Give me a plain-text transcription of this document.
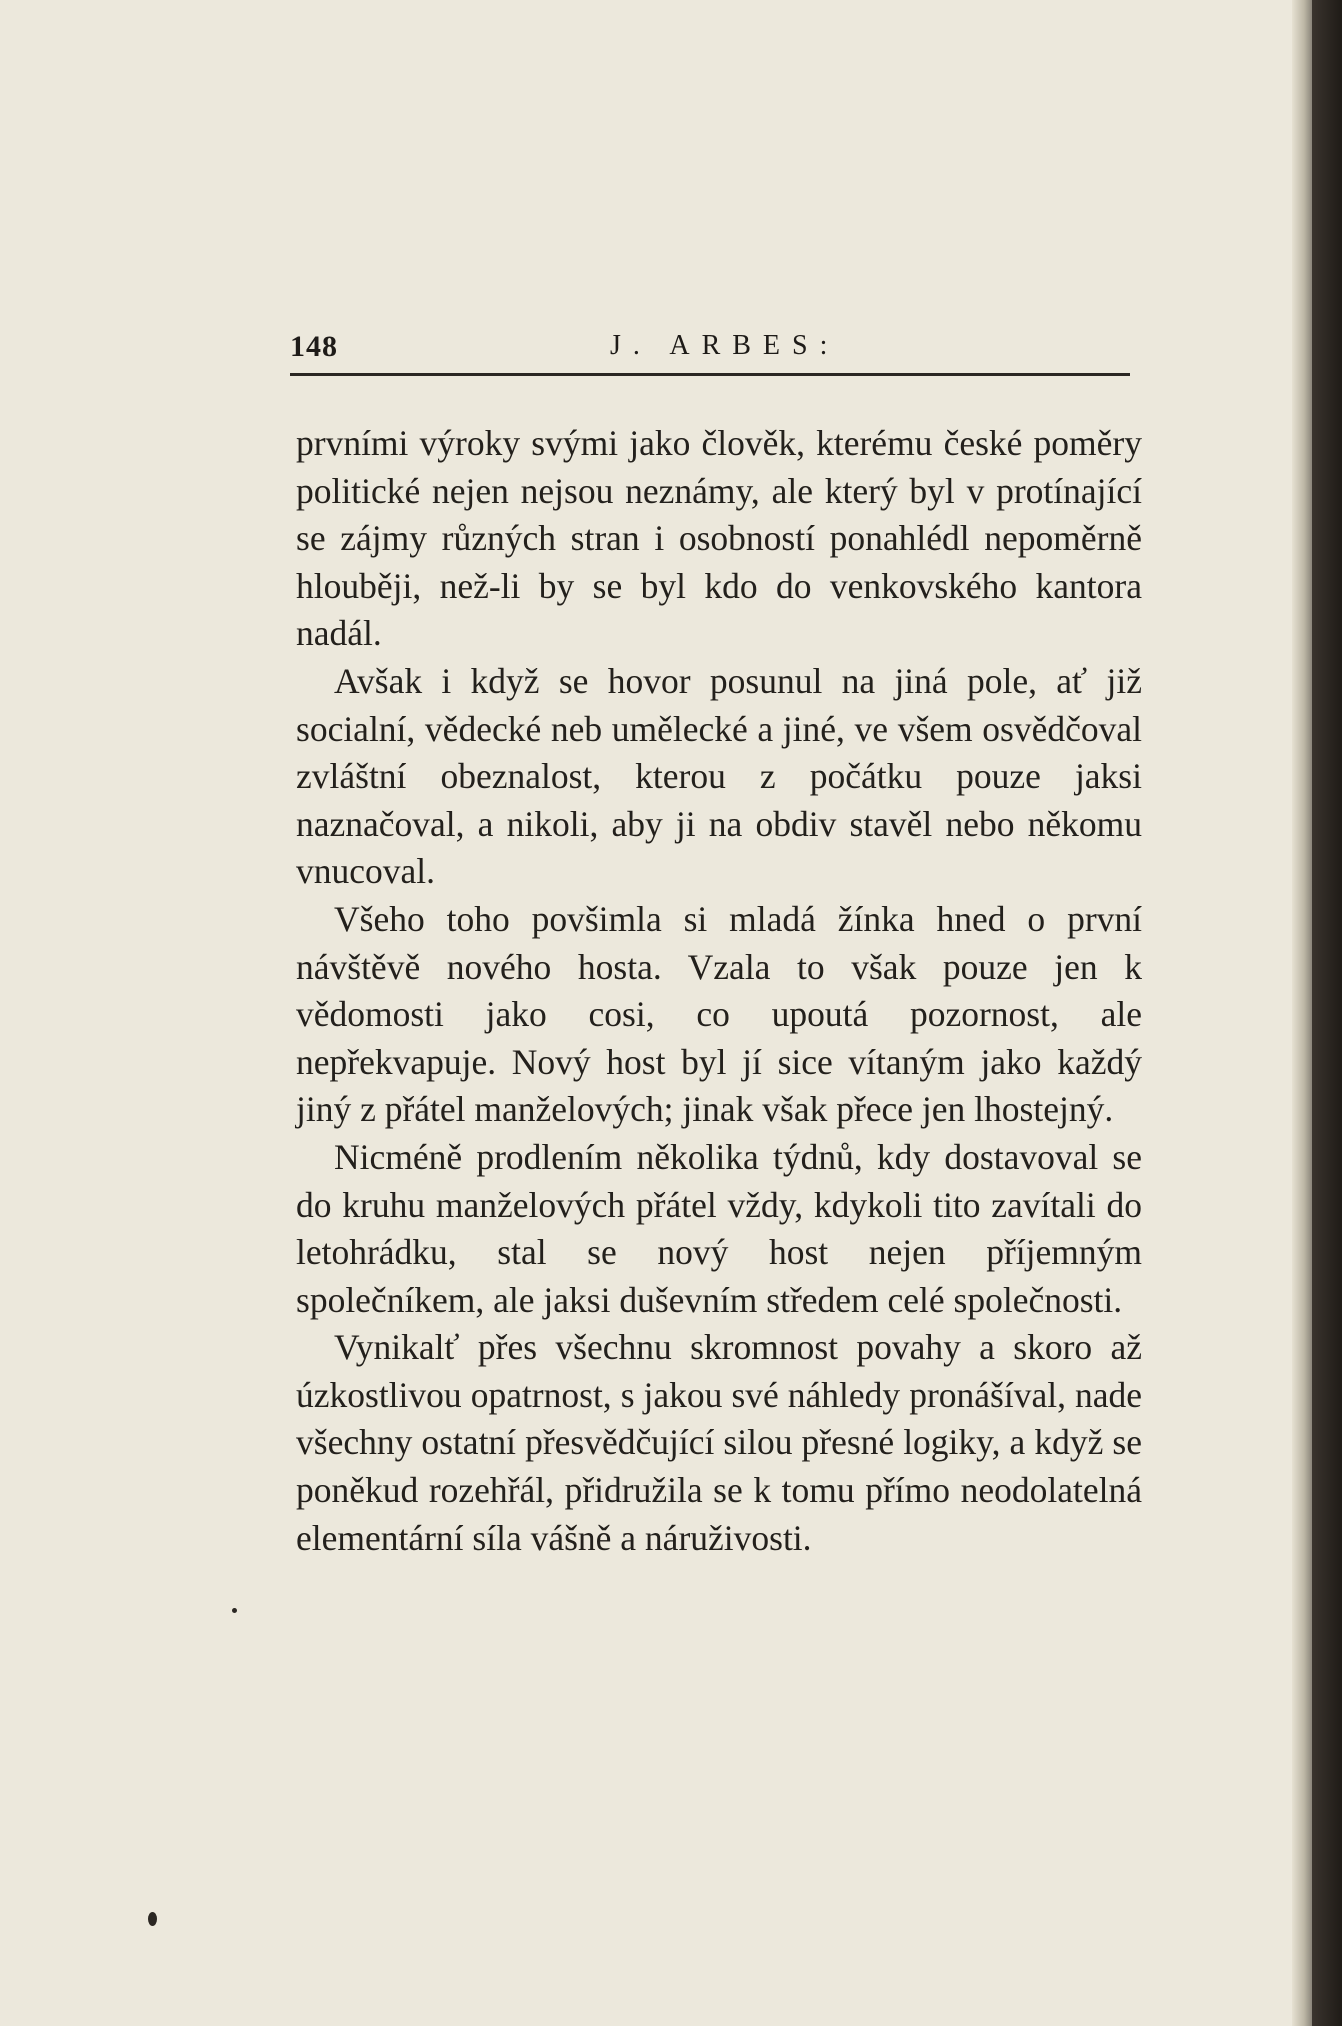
148	J. ARBES:

prvními výroky svými jako člověk, kterému české poměry politické nejen nejsou neznámy, ale který byl v protínající se zájmy různých stran i osobností ponahlédl nepoměrně hlouběji, než-li by se byl kdo do venkovského kantora nadál.

Avšak i když se hovor posunul na jiná pole, ať již socialní, vědecké neb umělecké a jiné, ve všem osvědčoval zvláštní obeznalost, kterou z počátku pouze jaksi naznačoval, a nikoli, aby ji na obdiv stavěl nebo někomu vnucoval.

Všeho toho povšimla si mladá žínka hned o první návštěvě nového hosta. Vzala to však pouze jen k vědomosti jako cosi, co upoutá pozornost, ale nepřekvapuje. Nový host byl jí sice vítaným jako každý jiný z přátel manželových; jinak však přece jen lhostejný.

Nicméně prodlením několika týdnů, kdy dostavoval se do kruhu manželových přátel vždy, kdykoli tito zavítali do letohrádku, stal se nový host nejen příjemným společníkem, ale jaksi duševním středem celé společnosti.

Vynikalť přes všechnu skromnost povahy a skoro až úzkostlivou opatrnost, s jakou své náhledy pronášíval, nade všechny ostatní přesvědčující silou přesné logiky, a když se poněkud rozehřál, přidružila se k tomu přímo neodolatelná elementární síla vášně a náruživosti.
